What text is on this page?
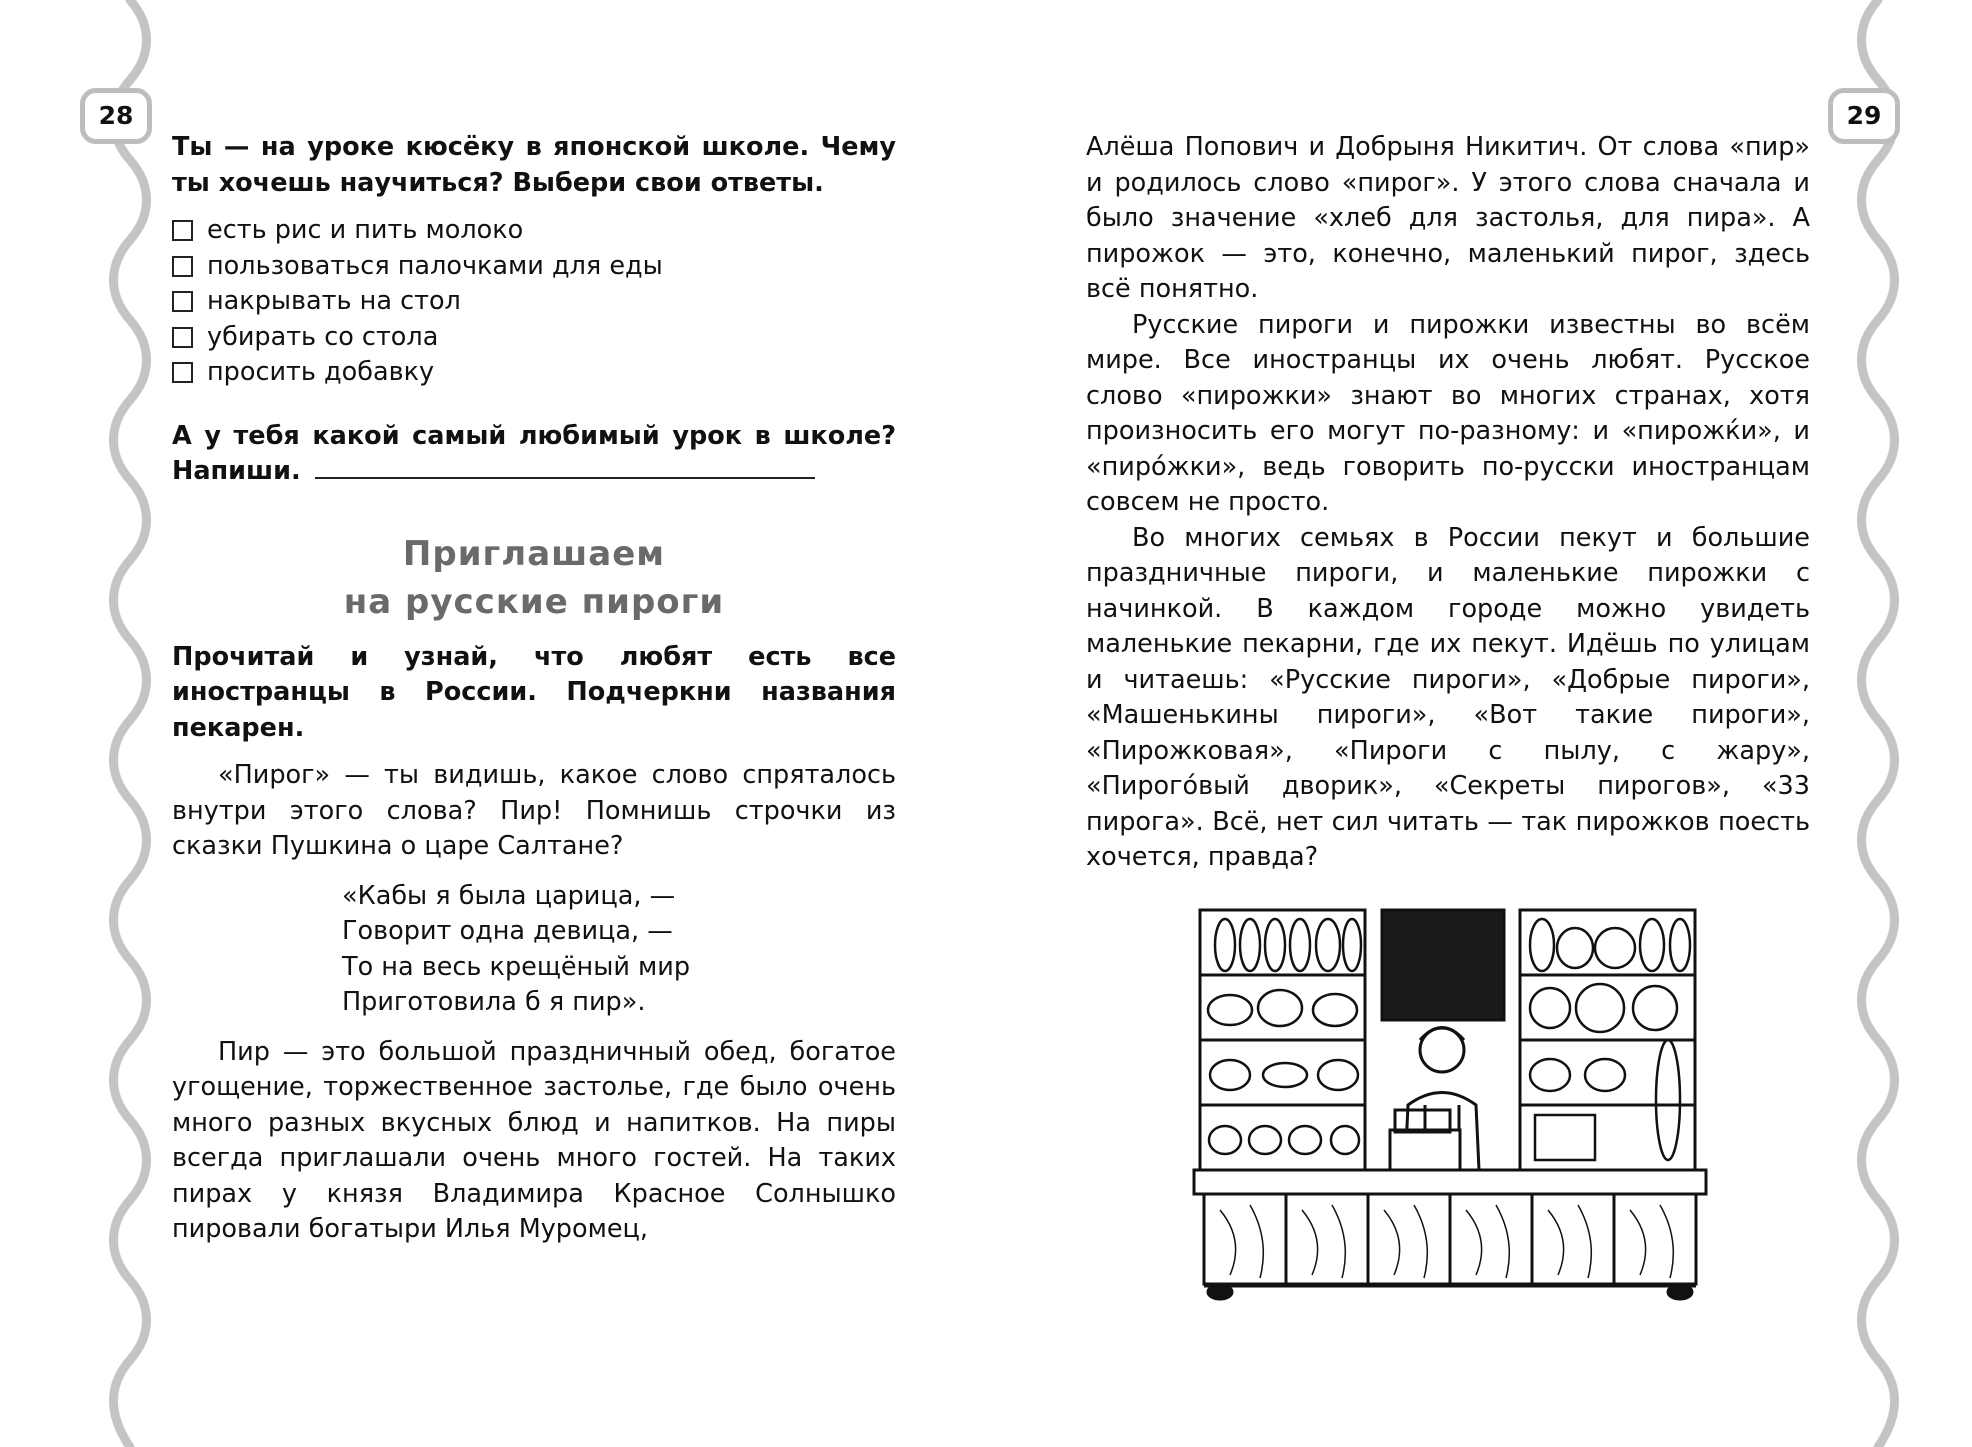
28	29

Ты — на уроке кюсёку в японской школе. Чему ты хочешь научиться? Выбери свои ответы.

есть рис и пить молоко
пользоваться палочками для еды
накрывать на стол
убирать со стола
просить добавку

А у тебя какой самый любимый урок в школе? Напиши.

Приглашаем
на русские пироги

Прочитай и узнай, что любят есть все иностранцы в России. Подчеркни названия пекарен.

«Пирог» — ты видишь, какое слово спряталось внутри этого слова? Пир! Помнишь строчки из сказки Пушкина о царе Салтане?

«Кабы я была царица, —
Говорит одна девица, —
То на весь крещёный мир
Приготовила б я пир».

Пир — это большой праздничный обед, богатое угощение, торжественное застолье, где было очень много разных вкусных блюд и напитков. На пиры всегда приглашали очень много гостей. На таких пирах у князя Владимира Красное Солнышко пировали богатыри Илья Муромец,

Алёша Попович и Добрыня Никитич. От слова «пир» и родилось слово «пирог». У этого слова сначала и было значение «хлеб для застолья, для пира». А пирожок — это, конечно, маленький пирог, здесь всё понятно.

Русские пироги и пирожки известны во всём мире. Все иностранцы их очень любят. Русское слово «пирожки» знают во многих странах, хотя произносить его могут по-разному: и «пирожќи», и «пиро́жки», ведь говорить по-русски иностранцам совсем не просто.

Во многих семьях в России пекут и большие праздничные пироги, и маленькие пирожки с начинкой. В каждом городе можно увидеть маленькие пекарни, где их пекут. Идёшь по улицам и читаешь: «Русские пироги», «Добрые пироги», «Машенькины пироги», «Вот такие пироги», «Пирожковая», «Пироги с пылу, с жару», «Пирого́вый дворик», «Секреты пирогов», «33 пирога». Всё, нет сил читать — так пирожков поесть хочется, правда?
